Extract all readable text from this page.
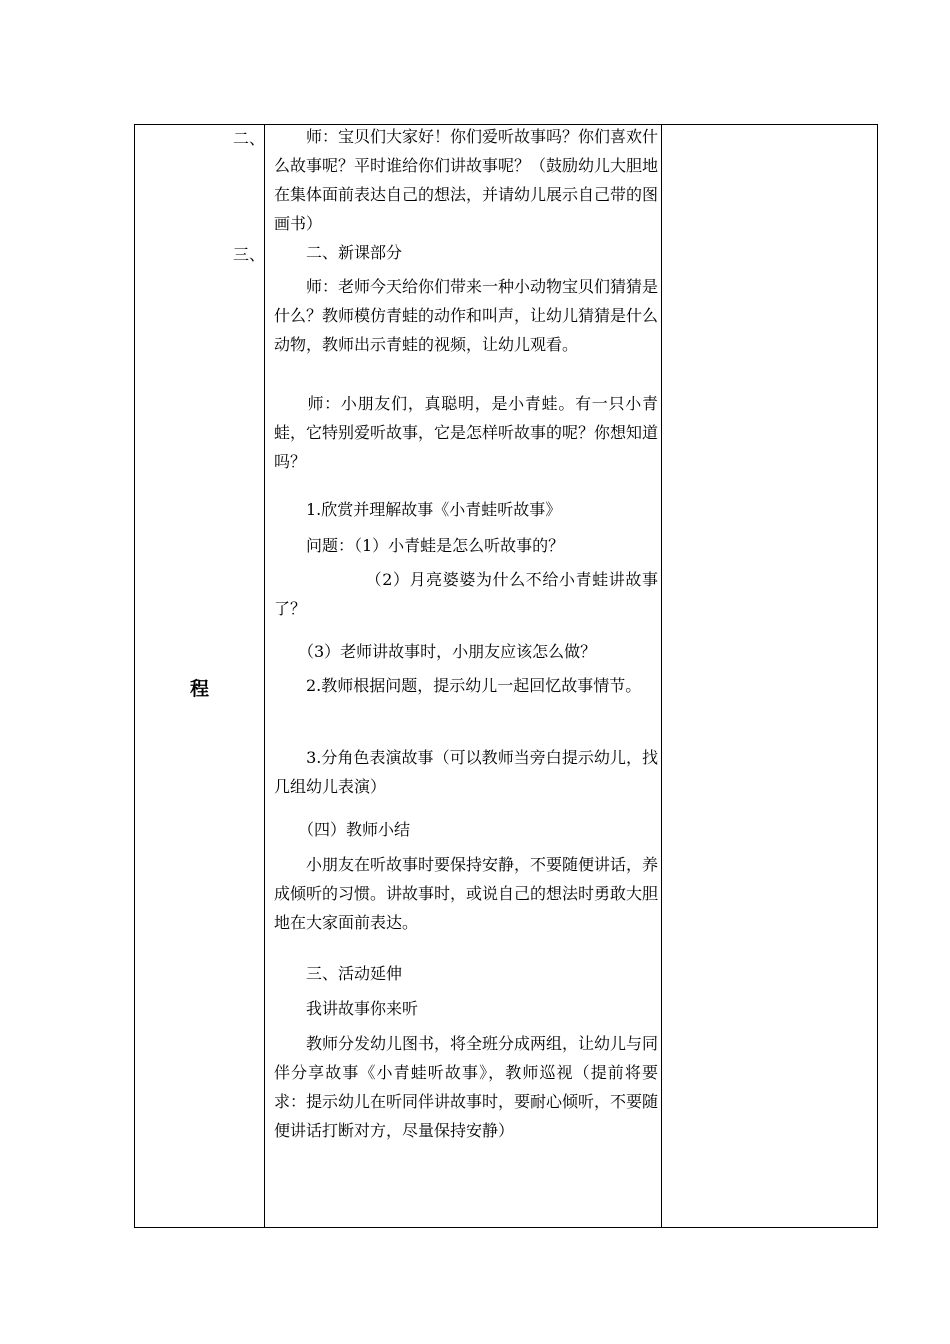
程
二、
三、

　　师：宝贝们大家好！你们爱听故事吗？你们喜欢什么故事呢？平时谁给你们讲故事呢？（鼓励幼儿大胆地在集体面前表达自己的想法，并请幼儿展示自己带的图画书）

　　二、新课部分

　　师：老师今天给你们带来一种小动物宝贝们猜猜是什么？教师模仿青蛙的动作和叫声，让幼儿猜猜是什么动物，教师出示青蛙的视频，让幼儿观看。

　　师：小朋友们，真聪明，是小青蛙。有一只小青蛙，它特别爱听故事，它是怎样听故事的呢？你想知道吗？

　　1.欣赏并理解故事《小青蛙听故事》

　　问题：（1）小青蛙是怎么听故事的？

　　　　　　（2）月亮婆婆为什么不给小青蛙讲故事了？

　　（3）老师讲故事时，小朋友应该怎么做？

　　2.教师根据问题，提示幼儿一起回忆故事情节。

　　3.分角色表演故事（可以教师当旁白提示幼儿，找几组幼儿表演）

　　（四）教师小结

　　小朋友在听故事时要保持安静，不要随便讲话，养成倾听的习惯。讲故事时，或说自己的想法时勇敢大胆地在大家面前表达。

　　三、活动延伸

　　我讲故事你来听

　　教师分发幼儿图书，将全班分成两组，让幼儿与同伴分享故事《小青蛙听故事》，教师巡视（提前将要求：提示幼儿在听同伴讲故事时，要耐心倾听，不要随便讲话打断对方，尽量保持安静）
